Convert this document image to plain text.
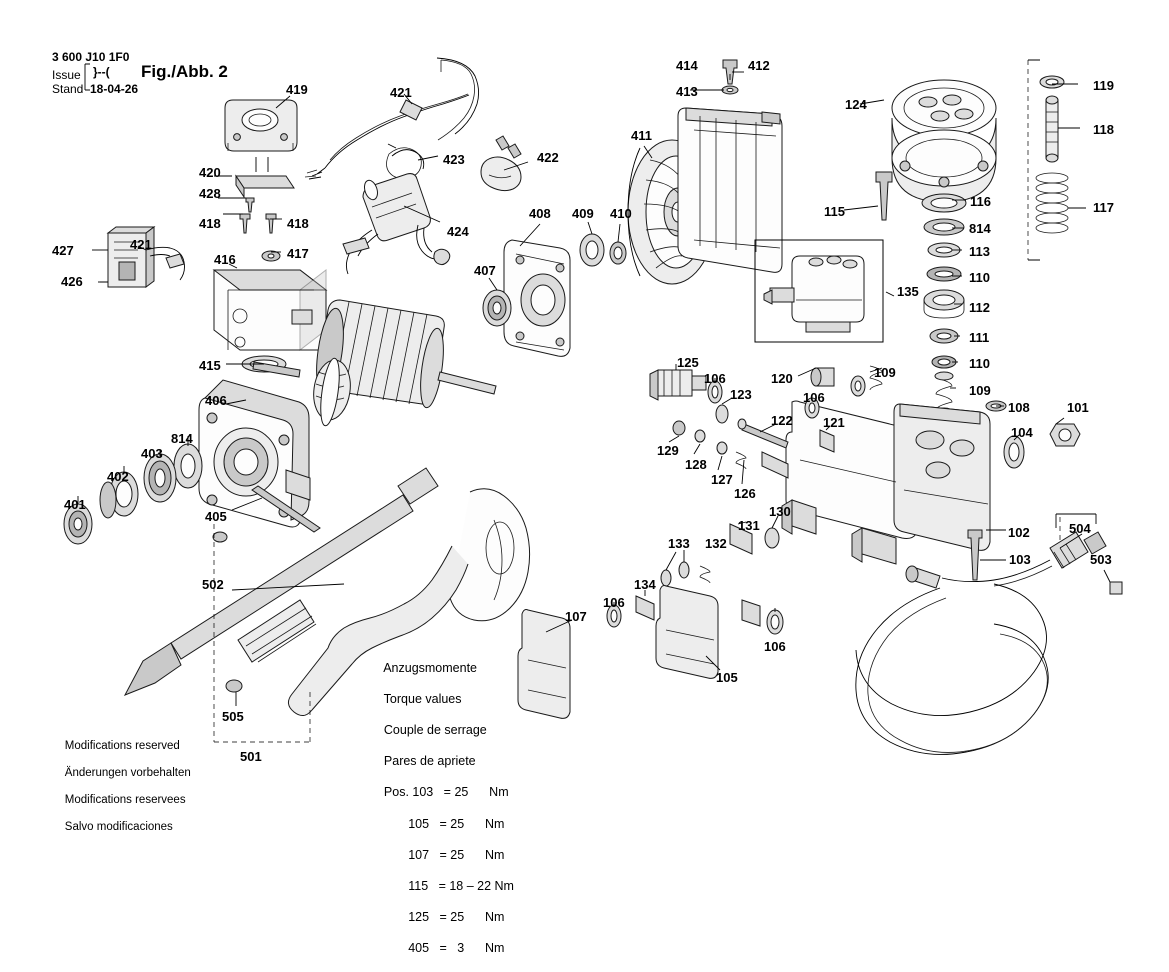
3 600 J10 1F0
Issue
Stand
}--(
18-04-26
Fig./Abb. 2
419	421
414	412
413
124
119
118
411
423	422
420
428
117
116
115
418	418
424
408 409 410
814
427	421
416	417	113
407	110
426
135
112
111
415	110
125
106	120	109
406	106	109
123
108	101
814
122 121
104
403	129
128
402	127
401
126
405
102	504
131
130
503
103
133 132
502	134
107
106
106
105
505
501

Anzugsmomente

Torque values

Couple de serrage

Pares de apriete

Pos. 103   = 25      Nm

105   = 25      Nm

107   = 25      Nm

115   = 18 – 22 Nm

125   = 25      Nm

405   =   3      Nm

Modifications reserved

Änderungen vorbehalten

Modifications reservees

Salvo modificaciones
